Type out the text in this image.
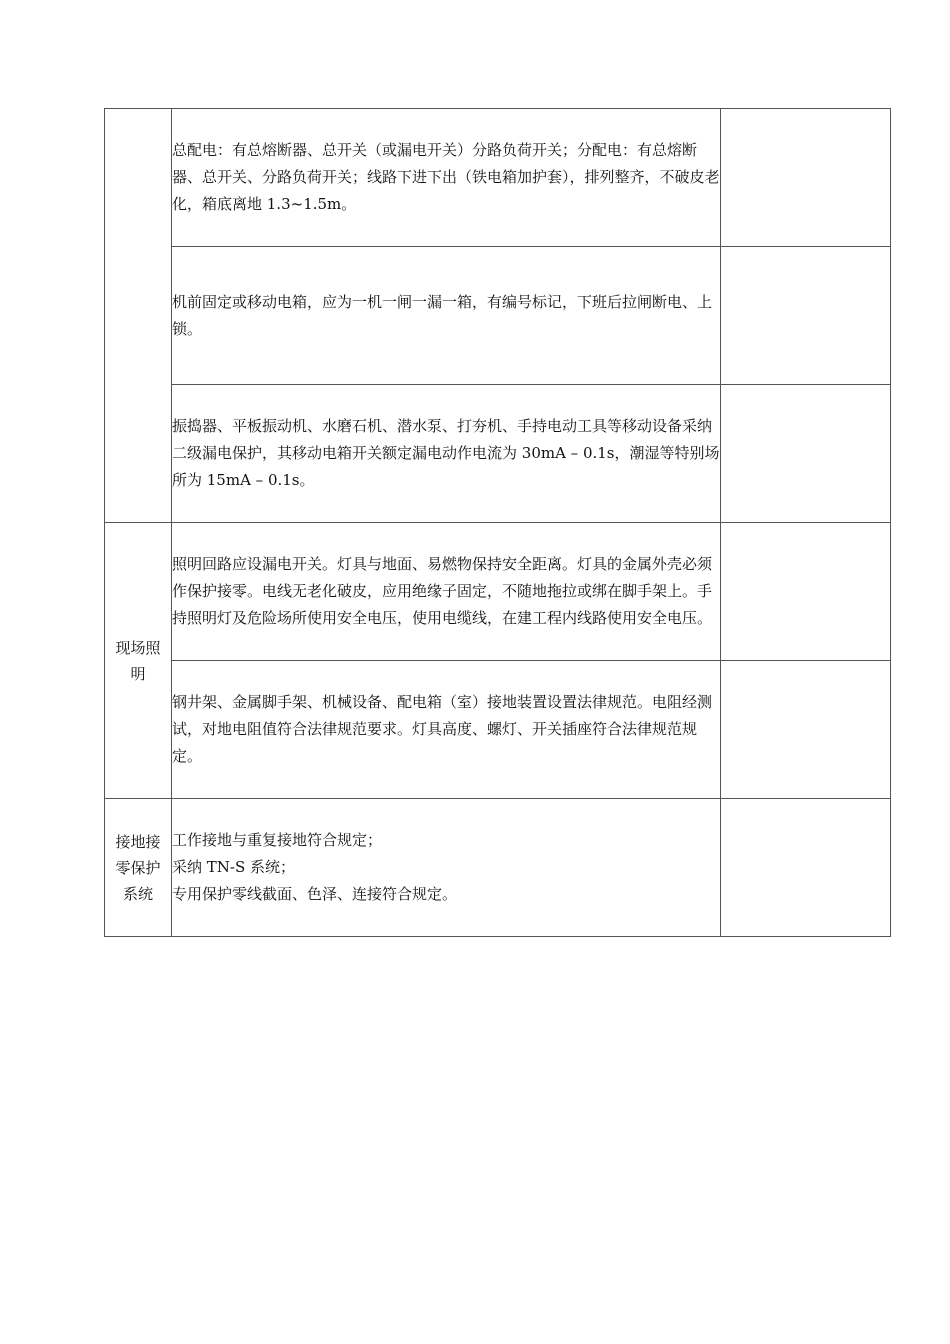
	总配电：有总熔断器、总开关（或漏电开关）分路负荷开关；分配电：有总熔断器、总开关、分路负荷开关；线路下进下出（铁电箱加护套），排列整齐，不破皮老化，箱底离地 1.3~1.5m。	

	机前固定或移动电箱，应为一机一闸一漏一箱，有编号标记，下班后拉闸断电、上锁。	

	振捣器、平板振动机、水磨石机、潜水泵、打夯机、手持电动工具等移动设备采纳二级漏电保护，其移动电箱开关额定漏电动作电流为 30mA – 0.1s，潮湿等特别场所为 15mA – 0.1s。	

现场照明	照明回路应设漏电开关。灯具与地面、易燃物保持安全距离。灯具的金属外壳必须作保护接零。电线无老化破皮，应用绝缘子固定，不随地拖拉或绑在脚手架上。手持照明灯及危险场所使用安全电压，使用电缆线，在建工程内线路使用安全电压。	

	钢井架、金属脚手架、机械设备、配电箱（室）接地装置设置法律规范。电阻经测试，对地电阻值符合法律规范要求。灯具高度、螺灯、开关插座符合法律规范规定。	

接地接零保护系统	工作接地与重复接地符合规定；
采纳 TN-S 系统；
专用保护零线截面、色泽、连接符合规定。	
